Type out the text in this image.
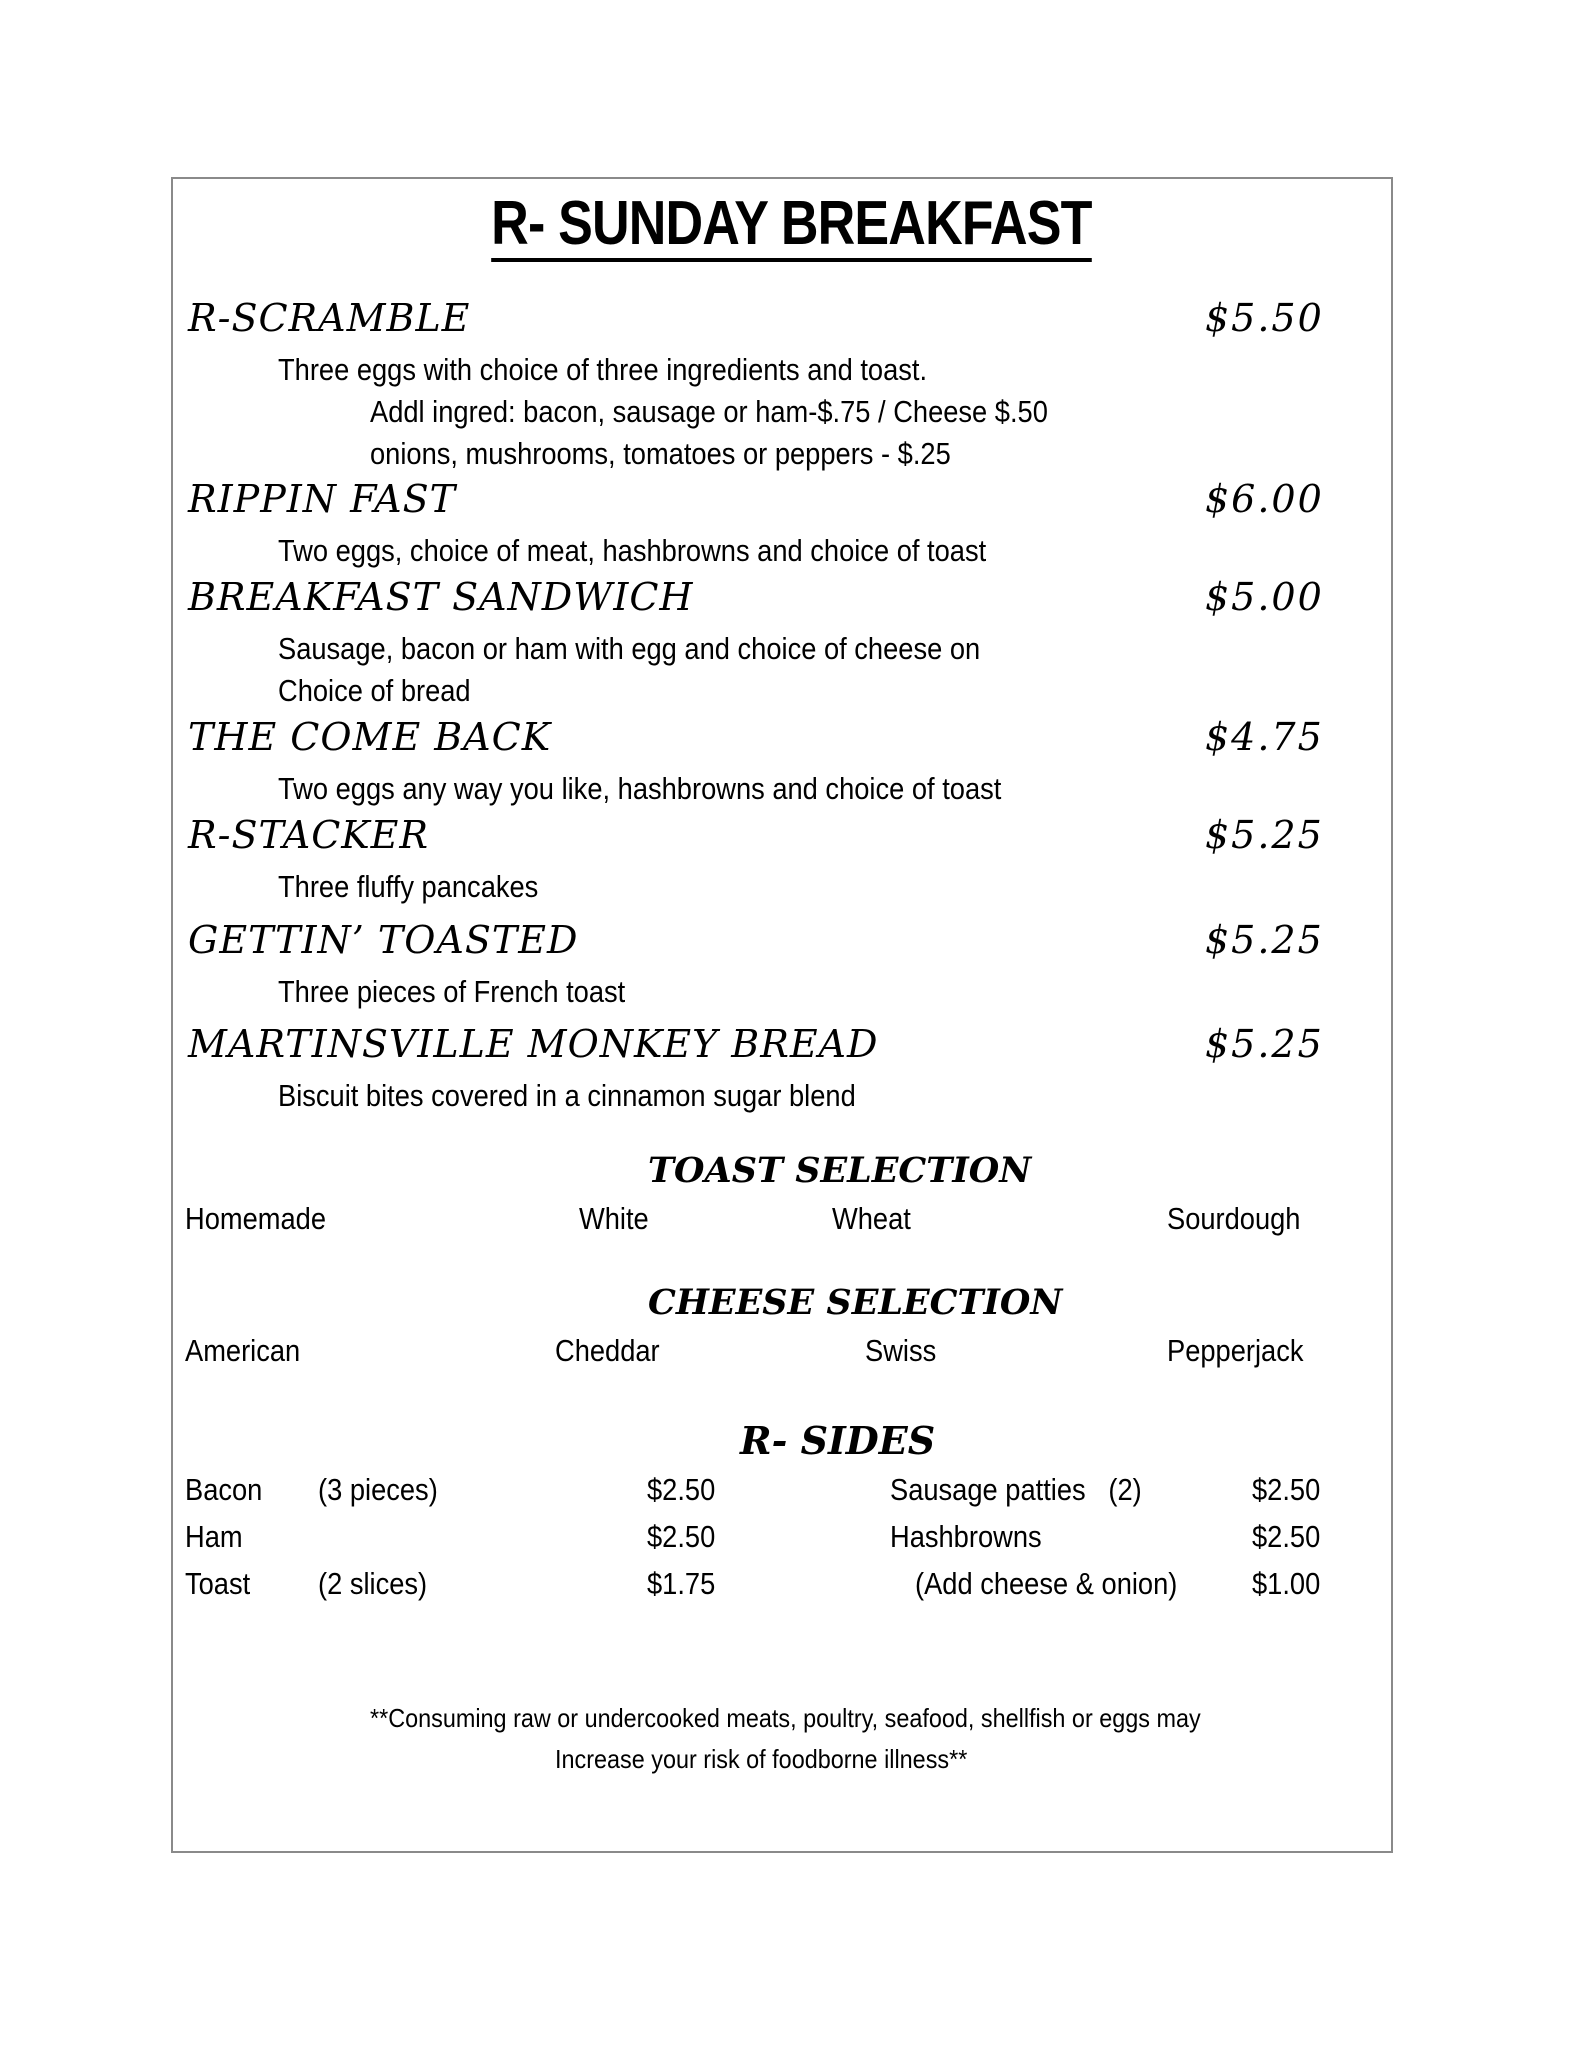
R- SUNDAY BREAKFAST
R-SCRAMBLE	$5.50
Three eggs with choice of three ingredients and toast.
Addl ingred: bacon, sausage or ham-$.75 / Cheese $.50
onions, mushrooms, tomatoes or peppers - $.25
RIPPIN FAST	$6.00
Two eggs, choice of meat, hashbrowns and choice of toast
BREAKFAST SANDWICH	$5.00
Sausage, bacon or ham with egg and choice of cheese on
Choice of bread
THE COME BACK	$4.75
Two eggs any way you like, hashbrowns and choice of toast
R-STACKER	$5.25
Three fluffy pancakes
GETTIN’ TOASTED	$5.25
Three pieces of French toast
MARTINSVILLE MONKEY BREAD	$5.25
Biscuit bites covered in a cinnamon sugar blend
TOAST SELECTION
Homemade	White	Wheat	Sourdough
CHEESE SELECTION
American	Cheddar	Swiss	Pepperjack
R- SIDES
Bacon (3 pieces)	$2.50	Sausage patties   (2)	$2.50
Ham	$2.50	Hashbrowns	$2.50
Toast (2 slices)	$1.75	(Add cheese & onion) $1.00
**Consuming raw or undercooked meats, poultry, seafood, shellfish or eggs may
Increase your risk of foodborne illness**
